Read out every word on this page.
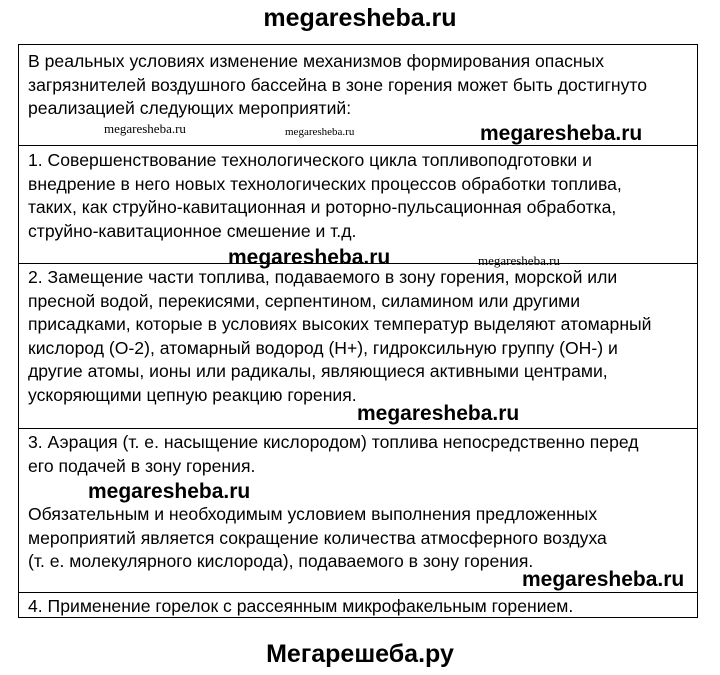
megaresheba.ru

В реальных условиях изменение механизмов формирования опасных
загрязнителей воздушного бассейна в зоне горения может быть достигнуто
реализацией следующих мероприятий:

1. Совершенствование технологического цикла топливоподготовки и
внедрение в него новых технологических процессов обработки топлива,
таких, как струйно-кавитационная и роторно-пульсационная обработка,
струйно-кавитационное смешение и т.д.

2. Замещение части топлива, подаваемого в зону горения, морской или
пресной водой, перекисями, серпентином, силамином или другими
присадками, которые в условиях высоких температур выделяют атомарный
кислород (О-2), атомарный водород (Н+), гидроксильную группу (ОН-) и
другие атомы, ионы или радикалы, являющиеся активными центрами,
ускоряющими цепную реакцию горения.

3. Аэрация (т. е. насыщение кислородом) топлива непосредственно перед
его подачей в зону горения.

Обязательным и необходимым условием выполнения предложенных
мероприятий является сокращение количества атмосферного воздуха
(т. е. молекулярного кислорода), подаваемого в зону горения.

4. Применение горелок с рассеянным микрофакельным горением.

megaresheba.ru	megaresheba.ru	megaresheba.ru
megaresheba.ru	megaresheba.ru
megaresheba.ru
megaresheba.ru
megaresheba.ru
Мегарешеба.ру
